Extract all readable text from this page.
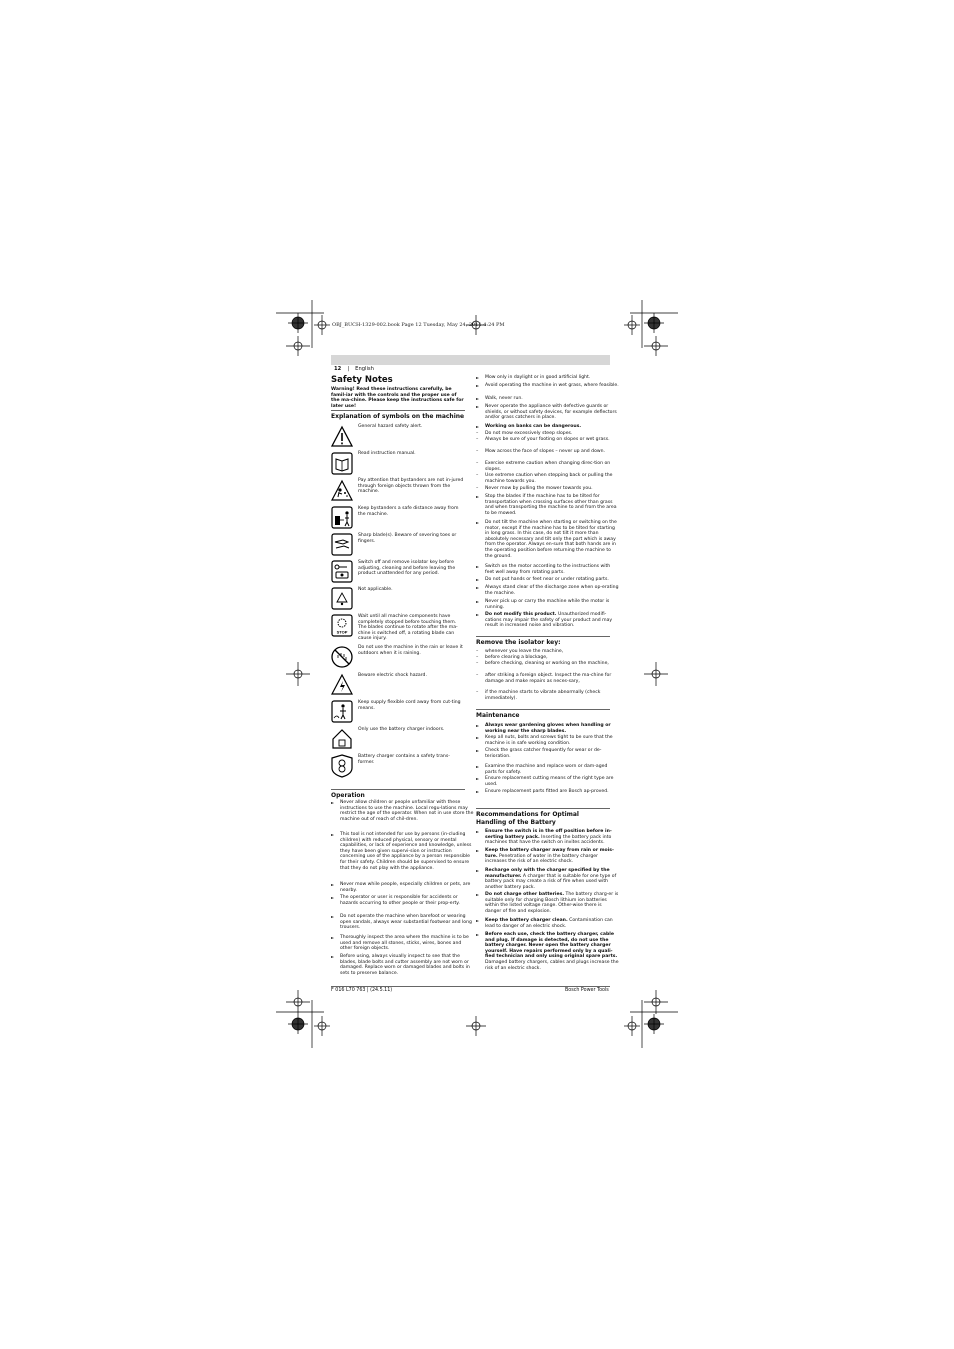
OBJ_BUCH-1329-002.book Page 12 Tuesday, May 24, 2011 4:24 PM
12 | English
Safety Notes
Warning! Read these instructions carefully, be famil-iar with the controls and the proper use of the ma-chine. Please keep the instructions safe for later use!
Explanation of symbols on the machine
General hazard safety alert.
Read instruction manual.
Pay attention that bystanders are not in-jured through foreign objects thrown from the machine.
Keep bystanders a safe distance away from the machine.
Sharp blade(s). Beware of severing toes or fingers.
Switch off and remove isolator key before adjusting, cleaning and before leaving the product unattended for any period.
Not applicable.
STOP
Wait until all machine components have completely stopped before touching them. The blades continue to rotate after the ma-chine is switched off, a rotating blade can cause injury.
Do not use the machine in the rain or leave it outdoors when it is raining.
Beware electric shock hazard.
Keep supply flexible cord away from cut-ting means.
Only use the battery charger indoors.
Battery charger contains a safety trans-former.
Operation
► Never allow children or people unfamiliar with these instructions to use the machine. Local regu-lations may restrict the age of the operator. When not in use store the machine out of reach of chil-dren.
► This tool is not intended for use by persons (in-cluding children) with reduced physical, sensory or mental capabilities, or lack of experience and knowledge, unless they have been given supervi-sion or instruction concerning use of the appliance by a person responsible for their safety. Children should be supervised to ensure that they do not play with the appliance.
► Never mow while people, especially children or pets, are nearby.
► The operator or user is responsible for accidents or hazards occurring to other people or their prop-erty.
► Do not operate the machine when barefoot or wearing open sandals, always wear substantial footwear and long trousers.
► Thoroughly inspect the area where the machine is to be used and remove all stones, sticks, wires, bones and other foreign objects.
► Before using, always visually inspect to see that the blades, blade bolts and cutter assembly are not worn or damaged. Replace worn or damaged blades and bolts in sets to preserve balance.
► Mow only in daylight or in good artificial light.
► Avoid operating the machine in wet grass, where feasible.
► Walk, never run.
► Never operate the appliance with defective guards or shields, or without safety devices, for example deflectors and/or grass catchers in place.
► Working on banks can be dangerous.
– Do not mow excessively steep slopes.
– Always be sure of your footing on slopes or wet grass.
– Mow across the face of slopes – never up and down.
– Exercise extreme caution when changing direc-tion on slopes.
– Use extreme caution when stepping back or pulling the machine towards you.
– Never mow by pulling the mower towards you.
► Stop the blades if the machine has to be tilted for transportation when crossing surfaces other than grass and when transporting the machine to and from the area to be mowed.
► Do not tilt the machine when starting or switching on the motor, except if the machine has to be tilted for starting in long grass. In this case, do not tilt it more than absolutely necessary and tilt only the part which is away from the operator. Always en-sure that both hands are in the operating position before returning the machine to the ground.
► Switch on the motor according to the instructions with feet well away from rotating parts.
► Do not put hands or feet near or under rotating parts.
► Always stand clear of the discharge zone when op-erating the machine.
► Never pick up or carry the machine while the motor is running.
► Do not modify this product. Unauthorized modifi-cations may impair the safety of your product and may result in increased noise and vibration.
Remove the isolator key:
– whenever you leave the machine,
– before clearing a blockage,
– before checking, cleaning or working on the machine,
– after striking a foreign object. Inspect the ma-chine for damage and make repairs as neces-sary,
– if the machine starts to vibrate abnormally (check immediately).
Maintenance
► Always wear gardening gloves when handling or working near the sharp blades.
► Keep all nuts, bolts and screws tight to be sure that the machine is in safe working condition.
► Check the grass catcher frequently for wear or de-terioration.
► Examine the machine and replace worn or dam-aged parts for safety.
► Ensure replacement cutting means of the right type are used.
► Ensure replacement parts fitted are Bosch ap-proved.
Recommendations for Optimal Handling of the Battery
► Ensure the switch is in the off position before in-serting battery pack. Inserting the battery pack into machines that have the switch on invites accidents.
► Keep the battery charger away from rain or mois-ture. Penetration of water in the battery charger increases the risk of an electric shock.
► Recharge only with the charger specified by the manufacturer. A charger that is suitable for one type of battery pack may create a risk of fire when used with another battery pack.
► Do not charge other batteries. The battery charg-er is suitable only for charging Bosch lithium ion batteries within the listed voltage range. Other-wise there is danger of fire and explosion.
► Keep the battery charger clean. Contamination can lead to danger of an electric shock.
► Before each use, check the battery charger, cable and plug. If damage is detected, do not use the battery charger. Never open the battery charger yourself. Have repairs performed only by a quali-fied technician and only using original spare parts. Damaged battery chargers, cables and plugs increase the risk of an electric shock.
F 016 L70 763 | (24.5.11)	Bosch Power Tools
